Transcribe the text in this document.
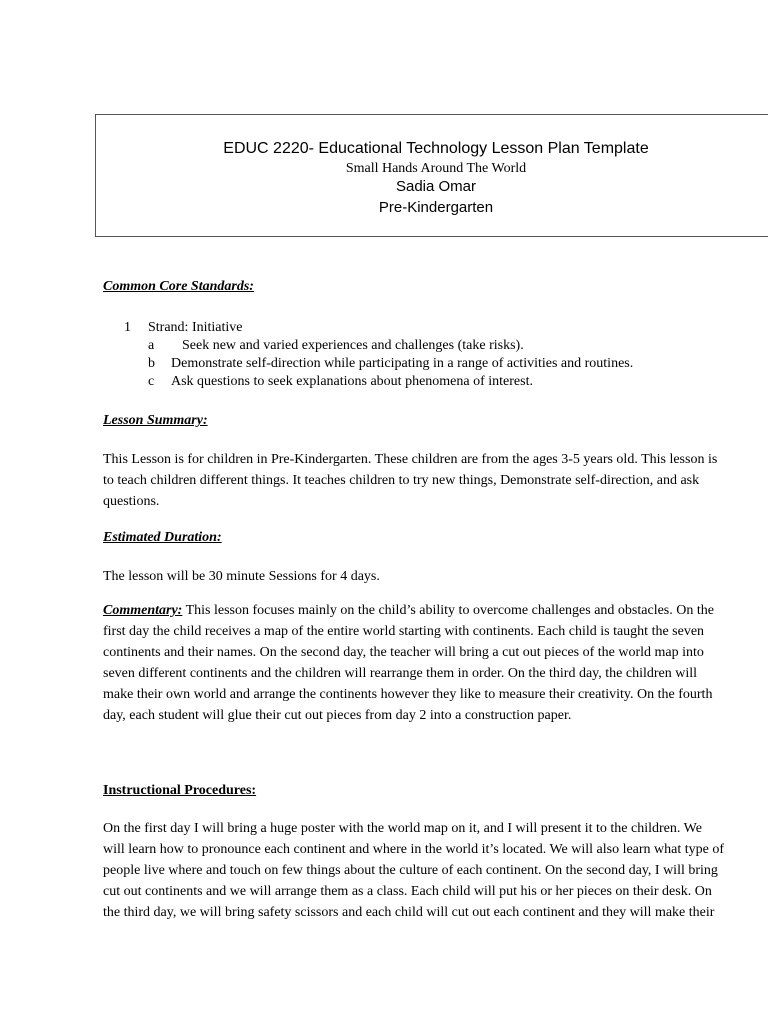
EDUC 2220- Educational Technology Lesson Plan Template
Small Hands Around The World
Sadia Omar
Pre-Kindergarten
Common Core Standards:
1 Strand: Initiative
a Seek new and varied experiences and challenges (take risks).
b Demonstrate self-direction while participating in a range of activities and routines.
c Ask questions to seek explanations about phenomena of interest.
Lesson Summary:
This Lesson is for children in Pre-Kindergarten. These children are from the ages 3-5 years old. This lesson is
to teach children different things. It teaches children to try new things, Demonstrate self-direction, and ask
questions.
Estimated Duration:
The lesson will be 30 minute Sessions for 4 days.
Commentary: This lesson focuses mainly on the child’s ability to overcome challenges and obstacles. On the
first day the child receives a map of the entire world starting with continents. Each child is taught the seven
continents and their names. On the second day, the teacher will bring a cut out pieces of the world map into
seven different continents and the children will rearrange them in order. On the third day, the children will
make their own world and arrange the continents however they like to measure their creativity. On the fourth
day, each student will glue their cut out pieces from day 2 into a construction paper.
Instructional Procedures:
On the first day I will bring a huge poster with the world map on it, and I will present it to the children. We
will learn how to pronounce each continent and where in the world it’s located. We will also learn what type of
people live where and touch on few things about the culture of each continent. On the second day, I will bring
cut out continents and we will arrange them as a class. Each child will put his or her pieces on their desk. On
the third day, we will bring safety scissors and each child will cut out each continent and they will make their
